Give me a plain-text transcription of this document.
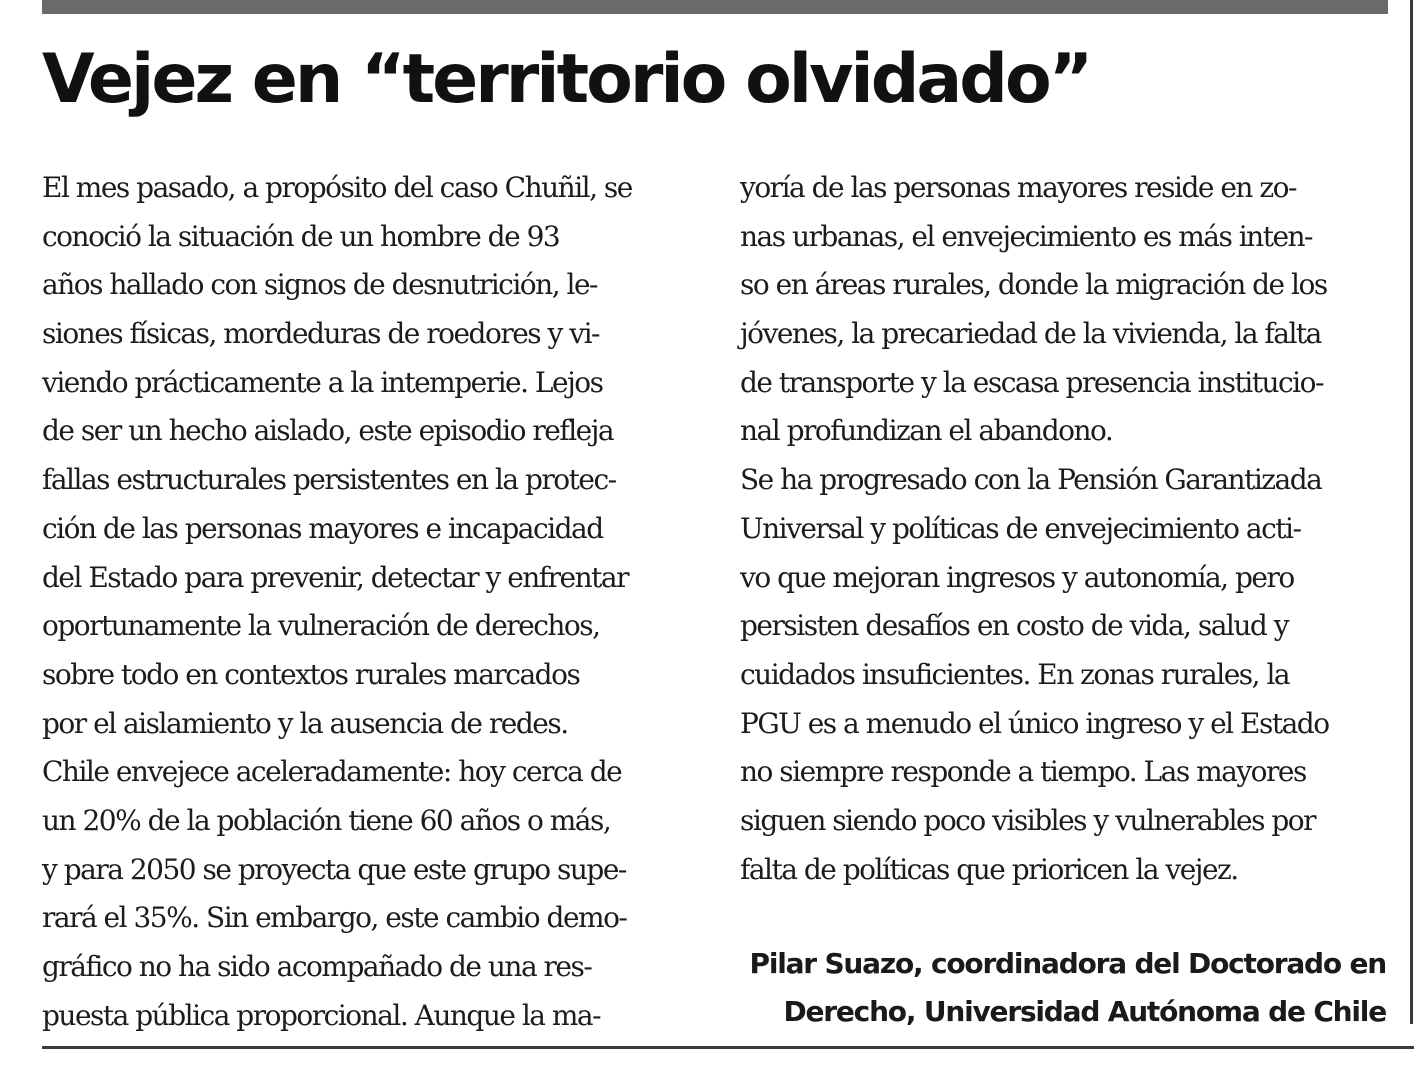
Vejez en “territorio olvidado”
El mes pasado, a propósito del caso Chuñil, se
conoció la situación de un hombre de 93
años hallado con signos de desnutrición, le-
siones físicas, mordeduras de roedores y vi-
viendo prácticamente a la intemperie. Lejos
de ser un hecho aislado, este episodio refleja
fallas estructurales persistentes en la protec-
ción de las personas mayores e incapacidad
del Estado para prevenir, detectar y enfrentar
oportunamente la vulneración de derechos,
sobre todo en contextos rurales marcados
por el aislamiento y la ausencia de redes.
Chile envejece aceleradamente: hoy cerca de
un 20% de la población tiene 60 años o más,
y para 2050 se proyecta que este grupo supe-
rará el 35%. Sin embargo, este cambio demo-
gráfico no ha sido acompañado de una res-
puesta pública proporcional. Aunque la ma-
yoría de las personas mayores reside en zo-
nas urbanas, el envejecimiento es más inten-
so en áreas rurales, donde la migración de los
jóvenes, la precariedad de la vivienda, la falta
de transporte y la escasa presencia institucio-
nal profundizan el abandono.
Se ha progresado con la Pensión Garantizada
Universal y políticas de envejecimiento acti-
vo que mejoran ingresos y autonomía, pero
persisten desafíos en costo de vida, salud y
cuidados insuficientes. En zonas rurales, la
PGU es a menudo el único ingreso y el Estado
no siempre responde a tiempo. Las mayores
siguen siendo poco visibles y vulnerables por
falta de políticas que prioricen la vejez.
Pilar Suazo, coordinadora del Doctorado en
Derecho, Universidad Autónoma de Chile
